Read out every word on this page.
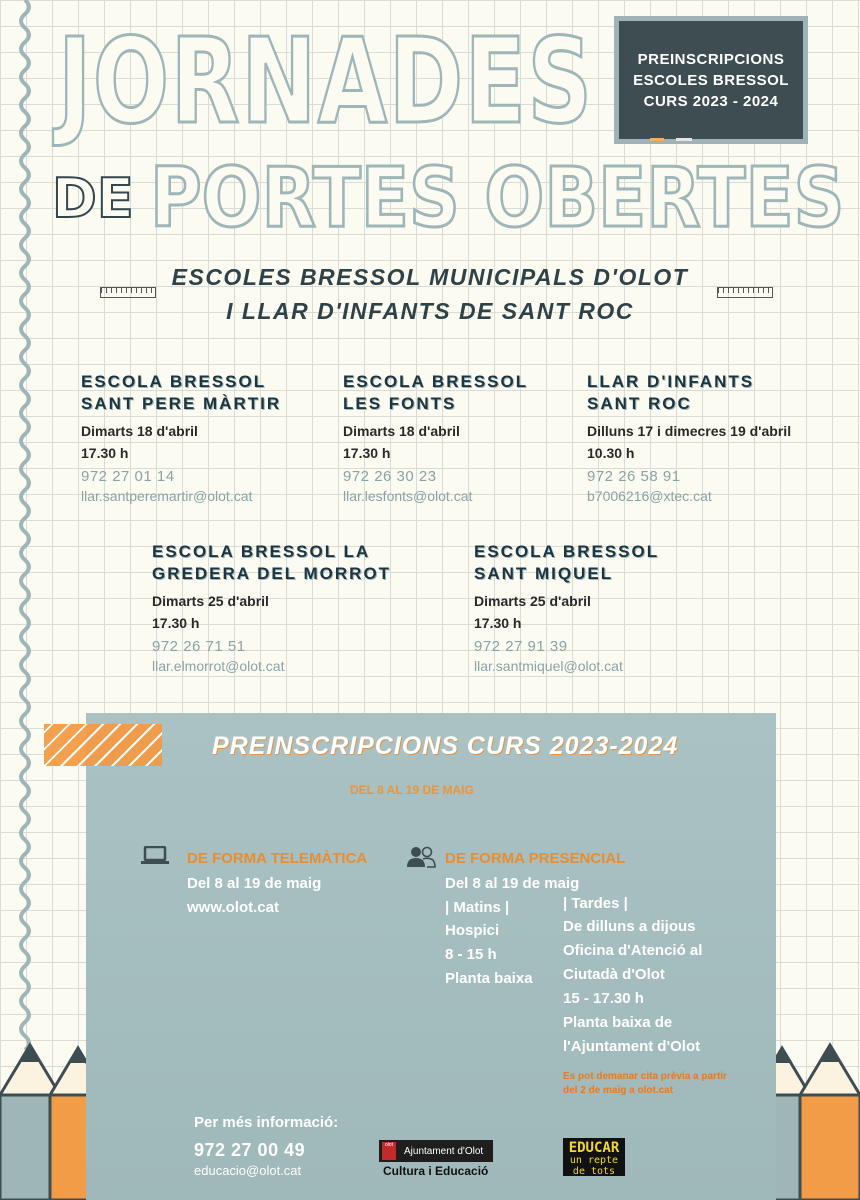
JORNADES
DE PORTES OBERTES
PREINSCRIPCIONS
ESCOLES BRESSOL
CURS 2023 - 2024
ESCOLES BRESSOL MUNICIPALS D'OLOT
I LLAR D'INFANTS DE SANT ROC
ESCOLA BRESSOL
SANT PERE MÀRTIR
Dimarts 18 d'abril
17.30 h
972 27 01 14
llar.santperemartir@olot.cat
ESCOLA BRESSOL
LES FONTS
Dimarts 18 d'abril
17.30 h
972 26 30 23
llar.lesfonts@olot.cat
LLAR D'INFANTS
SANT ROC
Dilluns 17 i dimecres 19 d'abril
10.30 h
972 26 58 91
b7006216@xtec.cat
ESCOLA BRESSOL LA
GREDERA DEL MORROT
Dimarts 25 d'abril
17.30 h
972 26 71 51
llar.elmorrot@olot.cat
ESCOLA BRESSOL
SANT MIQUEL
Dimarts 25 d'abril
17.30 h
972 27 91 39
llar.santmiquel@olot.cat
PREINSCRIPCIONS CURS 2023-2024
DEL 8 AL 19 DE MAIG
DE FORMA TELEMÀTICA
Del 8 al 19 de maig
www.olot.cat
DE FORMA PRESENCIAL
Del 8 al 19 de maig
| Matins |
Hospici
8 - 15 h
Planta baixa
| Tardes |
De dilluns a dijous
Oficina d'Atenció al
Ciutadà d'Olot
15 - 17.30 h
Planta baixa de
l'Ajuntament d'Olot
Es pot demanar cita prèvia a partir del 2 de maig a olot.cat
Per més informació:
972 27 00 49
educacio@olot.cat
olot
Ajuntament d'Olot
Cultura i Educació
EDUCAR
un repte
de tots
